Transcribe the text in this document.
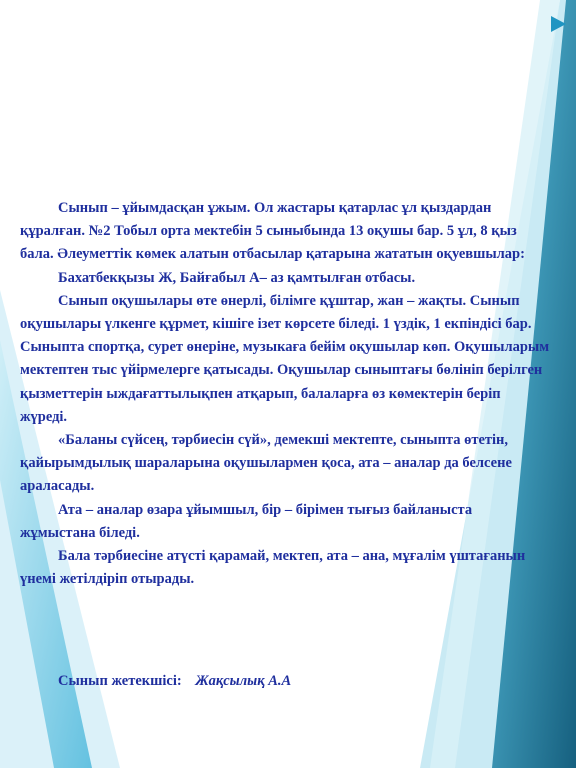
Сынып – ұйымдасқан ұжым. Ол жастары қатарлас ұл қыздардан құралған. №2 Тобыл орта мектебін 5 сыныбында 13 оқушы бар. 5 ұл, 8 қыз бала. Әлеуметтік көмек алатын отбасылар қатарына жататын оқуевшылар:

Бахатбекқызы Ж, Байғабыл А– аз қамтылған отбасы.

Сынып оқушылары өте өнерлі, білімге құштар, жан – жақты. Сынып оқушылары үлкенге құрмет, кішіге ізет көрсете біледі. 1 үздік, 1 екпіндісі бар. Сыныпта спортқа, сурет өнеріне, музыкаға бейім оқушылар көп. Оқушыларым мектептен тыс үйірмелерге қатысады. Оқушылар сыныптағы бөлініп берілген қызметтерін ыждағаттылықпен атқарып, балаларға өз көмектерін беріп жүреді.

«Баланы сүйсең, тәрбиесін сүй», демекші мектепте, сыныпта өтетін, қайырымдылық шараларына оқушылармен қоса, ата – аналар да белсене араласады.

Ата – аналар өзара ұйымшыл, бір – бірімен тығыз байланыста жұмыстана біледі.

Бала тәрбиесіне атүсті қарамай, мектеп, ата – ана, мұғалім үштағанын үнемі жетілдіріп отырады.

Сынып жетекшісі: Жақсылық А.А
